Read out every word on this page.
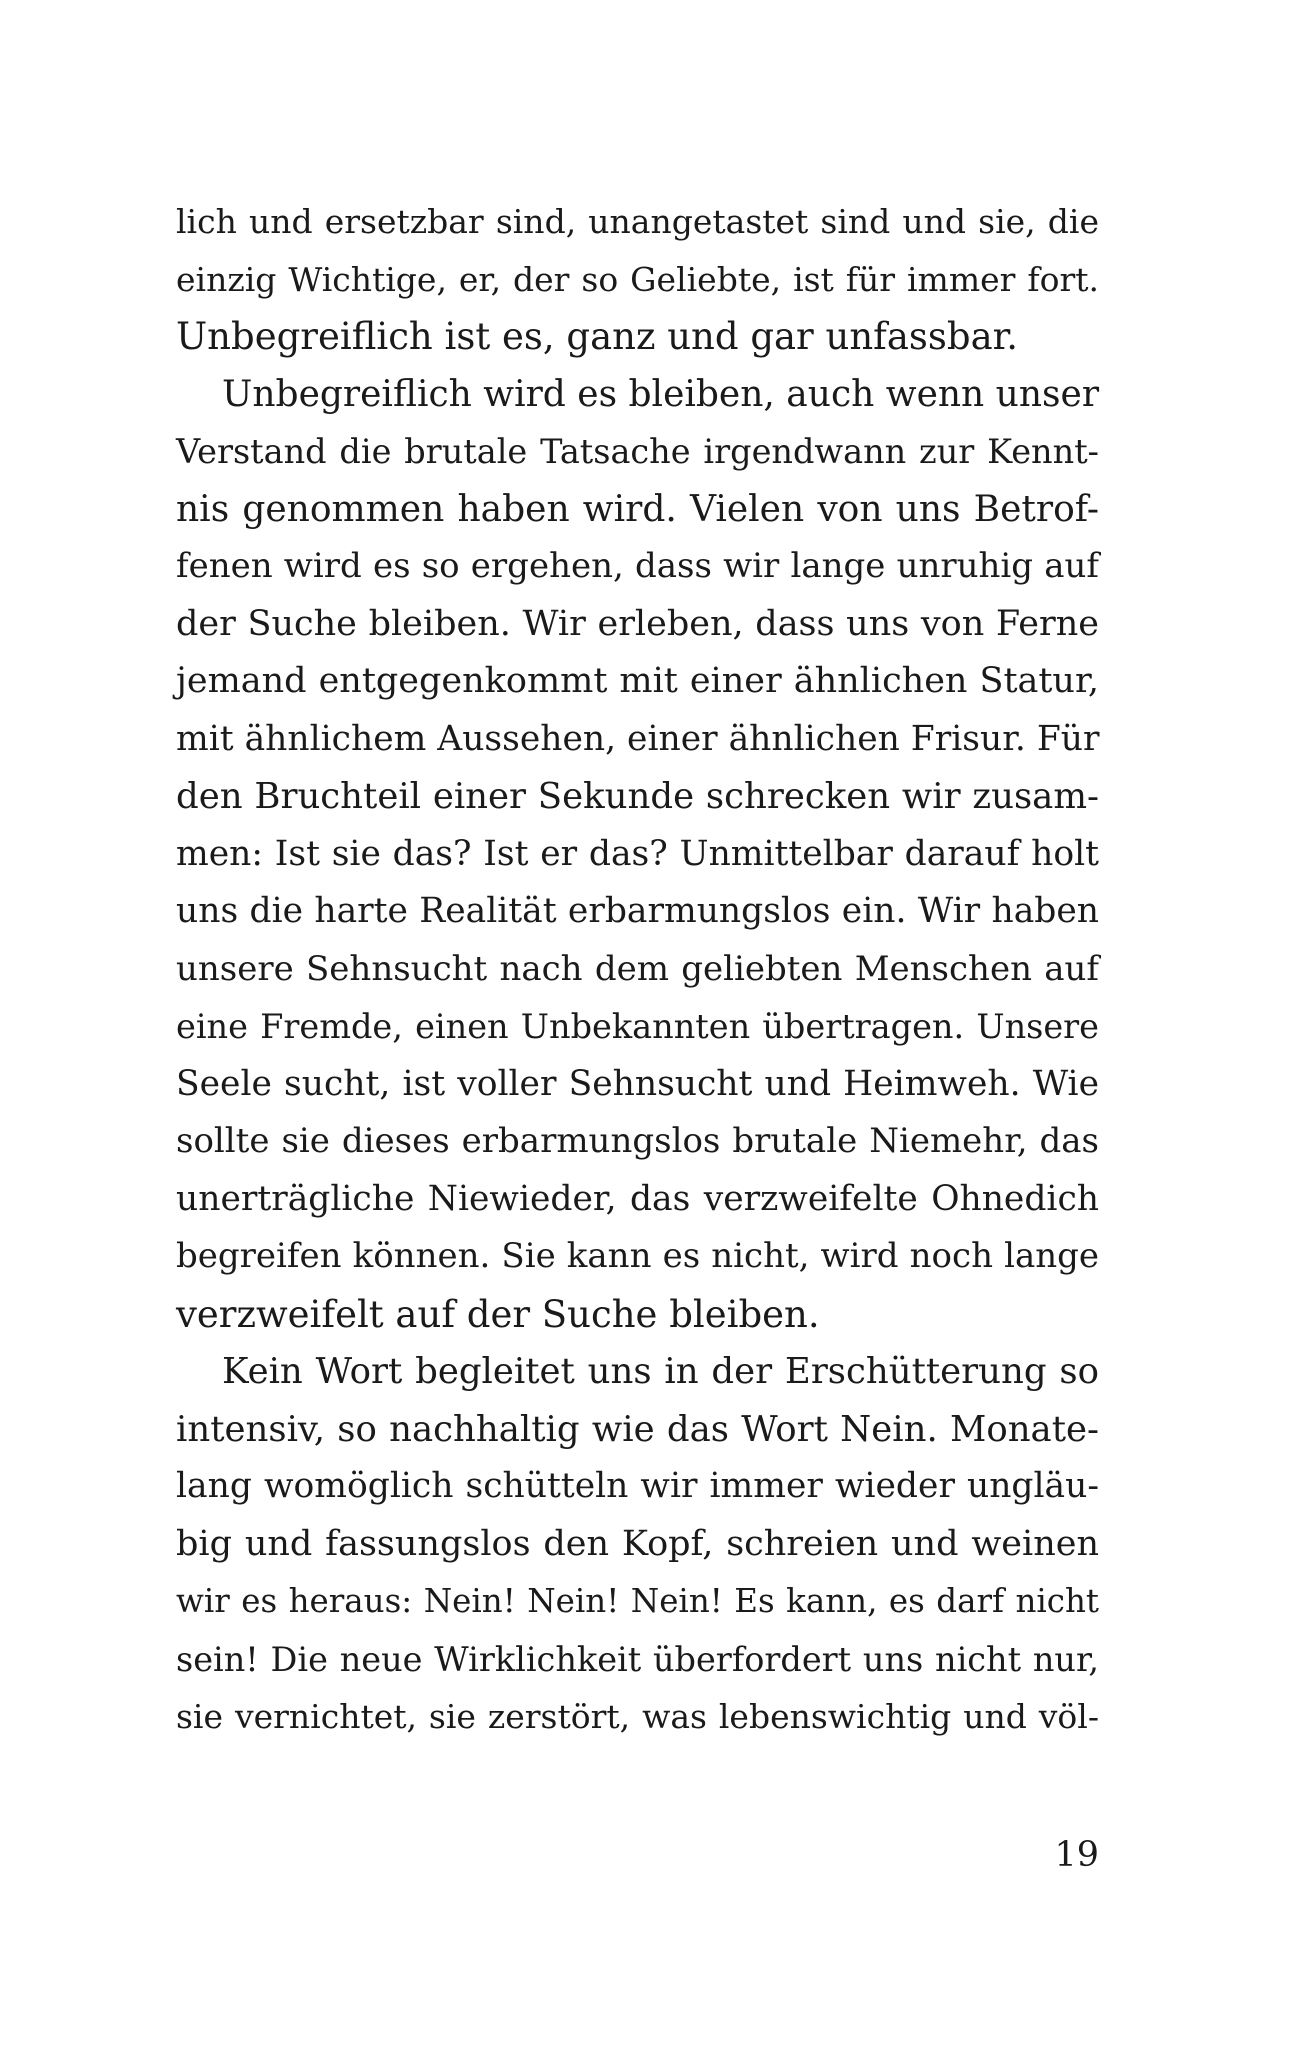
lich und ersetzbar sind, unangetastet sind und sie, die
einzig Wichtige, er, der so Geliebte, ist für immer fort.
Unbegreiflich ist es, ganz und gar unfassbar.
Unbegreiflich wird es bleiben, auch wenn unser
Verstand die brutale Tatsache irgendwann zur Kennt-
nis genommen haben wird. Vielen von uns Betrof-
fenen wird es so ergehen, dass wir lange unruhig auf
der Suche bleiben. Wir erleben, dass uns von Ferne
jemand entgegenkommt mit einer ähnlichen Statur,
mit ähnlichem Aussehen, einer ähnlichen Frisur. Für
den Bruchteil einer Sekunde schrecken wir zusam-
men: Ist sie das? Ist er das? Unmittelbar darauf holt
uns die harte Realität erbarmungslos ein. Wir haben
unsere Sehnsucht nach dem geliebten Menschen auf
eine Fremde, einen Unbekannten übertragen. Unsere
Seele sucht, ist voller Sehnsucht und Heimweh. Wie
sollte sie dieses erbarmungslos brutale Niemehr, das
unerträgliche Niewieder, das verzweifelte Ohnedich
begreifen können. Sie kann es nicht, wird noch lange
verzweifelt auf der Suche bleiben.
Kein Wort begleitet uns in der Erschütterung so
intensiv, so nachhaltig wie das Wort Nein. Monate-
lang womöglich schütteln wir immer wieder ungläu-
big und fassungslos den Kopf, schreien und weinen
wir es heraus: Nein! Nein! Nein! Es kann, es darf nicht
sein! Die neue Wirklichkeit überfordert uns nicht nur,
sie vernichtet, sie zerstört, was lebenswichtig und völ-
19
